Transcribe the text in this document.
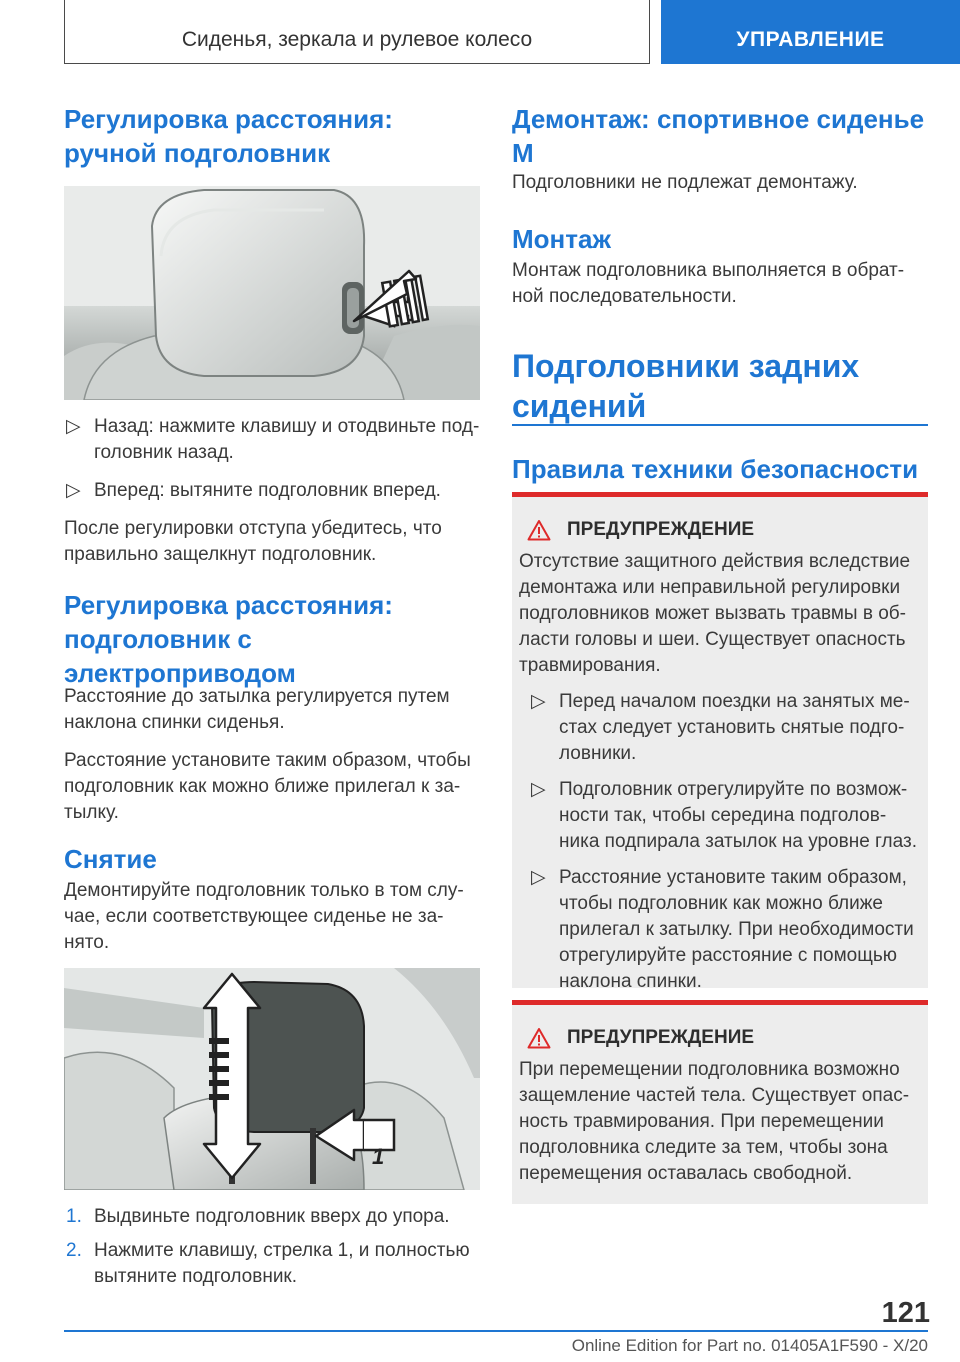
Сиденья, зеркала и рулевое колесо	УПРАВЛЕНИЕ
Регулировка расстояния: ручной подголовник
▷ Назад: нажмите клавишу и отодвиньте подголовник назад.
▷ Вперед: вытяните подголовник вперед.

После регулировки отступа убедитесь, что правильно защелкнут подголовник.

Регулировка расстояния: подголовник с электроприводом

Расстояние до затылка регулируется путем наклона спинки сиденья.

Расстояние установите таким образом, чтобы подголовник как можно ближе прилегал к затылку.

Снятие

Демонтируйте подголовник только в том случае, если соответствующее сиденье не занято.

1
1. Выдвиньте подголовник вверх до упора.
2. Нажмите клавишу, стрелка 1, и полностью вытяните подголовник.
Демонтаж: спортивное сиденье M

Подголовники не подлежат демонтажу.

Монтаж

Монтаж подголовника выполняется в обратной последовательности.

Подголовники задних сидений
Правила техники безопасности
ПРЕДУПРЕЖДЕНИЕ

Отсутствие защитного действия вследствие демонтажа или неправильной регулировки подголовников может вызвать травмы в области головы и шеи. Существует опасность травмирования.

▷ Перед началом поездки на занятых местах следует установить снятые подголовники.
▷ Подголовник отрегулируйте по возможности так, чтобы середина подголовника подпирала затылок на уровне глаз.
▷ Расстояние установите таким образом, чтобы подголовник как можно ближе прилегал к затылку. При необходимости отрегулируйте расстояние с помощью наклона спинки.
ПРЕДУПРЕЖДЕНИЕ

При перемещении подголовника возможно защемление частей тела. Существует опасность травмирования. При перемещении подголовника следите за тем, чтобы зона перемещения оставалась свободной.

121
Online Edition for Part no. 01405A1F590 - X/20
